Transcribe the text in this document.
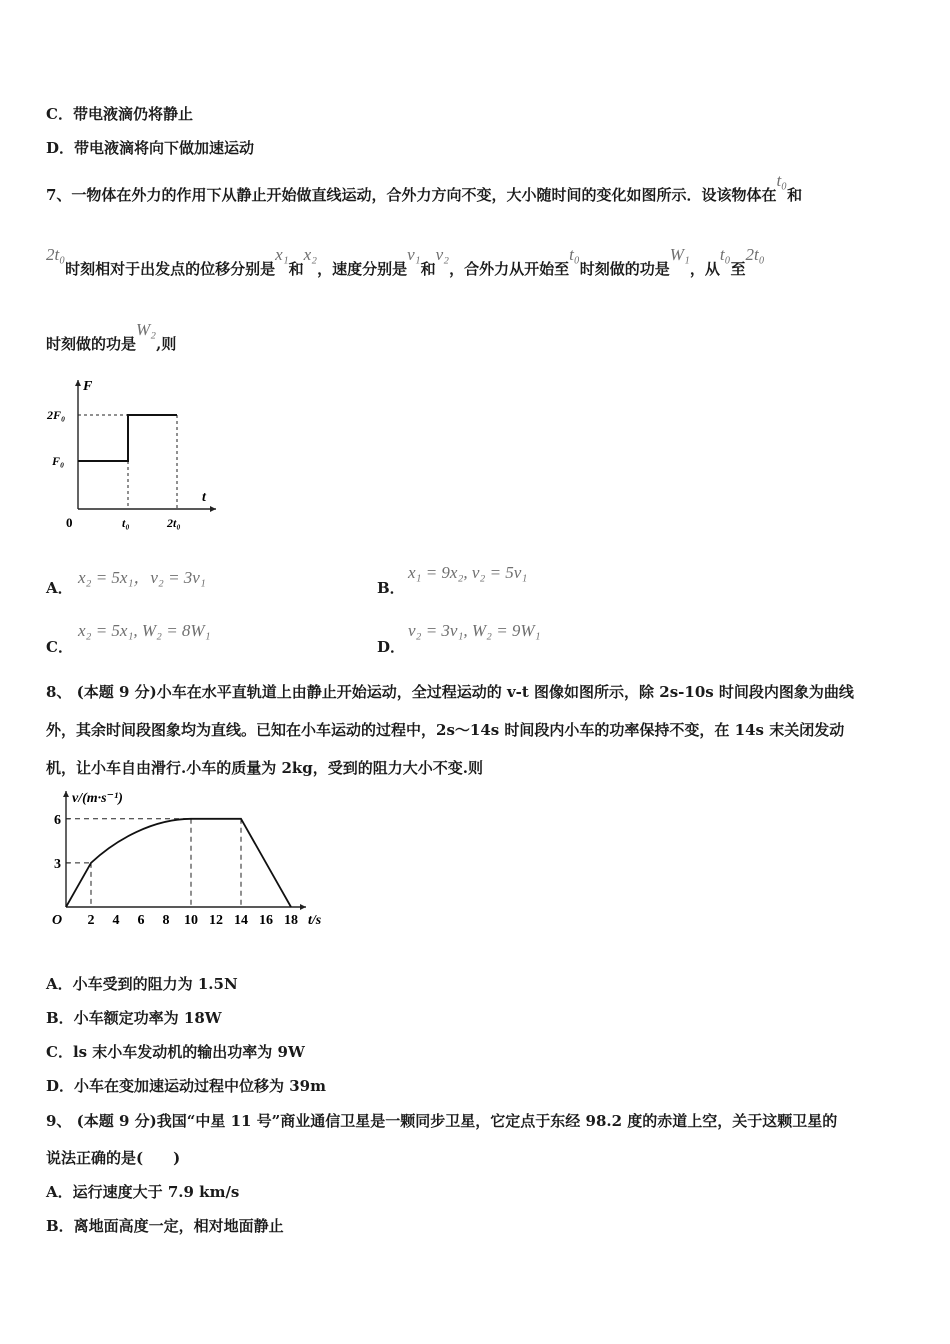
C．带电液滴仍将静止
D．带电液滴将向下做加速运动
7、一物体在外力的作用下从静止开始做直线运动，合外力方向不变，大小随时间的变化如图所示．设该物体在t₀和
2t₀时刻相对于出发点的位移分别是x₁和x₂，速度分别是v₁和v₂，合外力从开始至t₀时刻做的功是W₁，从t₀至2t₀
时刻做的功是W₂,则
F
t
0	t₀	2t₀
F₀
2F₀
A．
x₂ = 5x₁，v₂ = 3v₁
B．
x₁ = 9x₂, v₂ = 5v₁
C．
x₂ = 5x₁, W₂ = 8W₁
D．
v₂ = 3v₁, W₂ = 9W₁
8、 (本题 9 分)小车在水平直轨道上由静止开始运动，全过程运动的 v-t 图像如图所示，除 2s-10s 时间段内图象为曲线
外，其余时间段图象均为直线。已知在小车运动的过程中，2s～14s 时间段内小车的功率保持不变，在 14s 末关闭发动
机，让小车自由滑行.小车的质量为 2kg，受到的阻力大小不变.则
v/(m·s⁻¹)
t/s
O 2 4 6 8 10 12 14 16 18
3
6
A．小车受到的阻力为 1.5N
B．小车额定功率为 18W
C．ls 末小车发动机的输出功率为 9W
D．小车在变加速运动过程中位移为 39m
9、 (本题 9 分)我国“中星 11 号”商业通信卫星是一颗同步卫星，它定点于东经 98.2 度的赤道上空，关于这颗卫星的
说法正确的是(　　)
A．运行速度大于 7.9 km/s
B．离地面高度一定，相对地面静止
